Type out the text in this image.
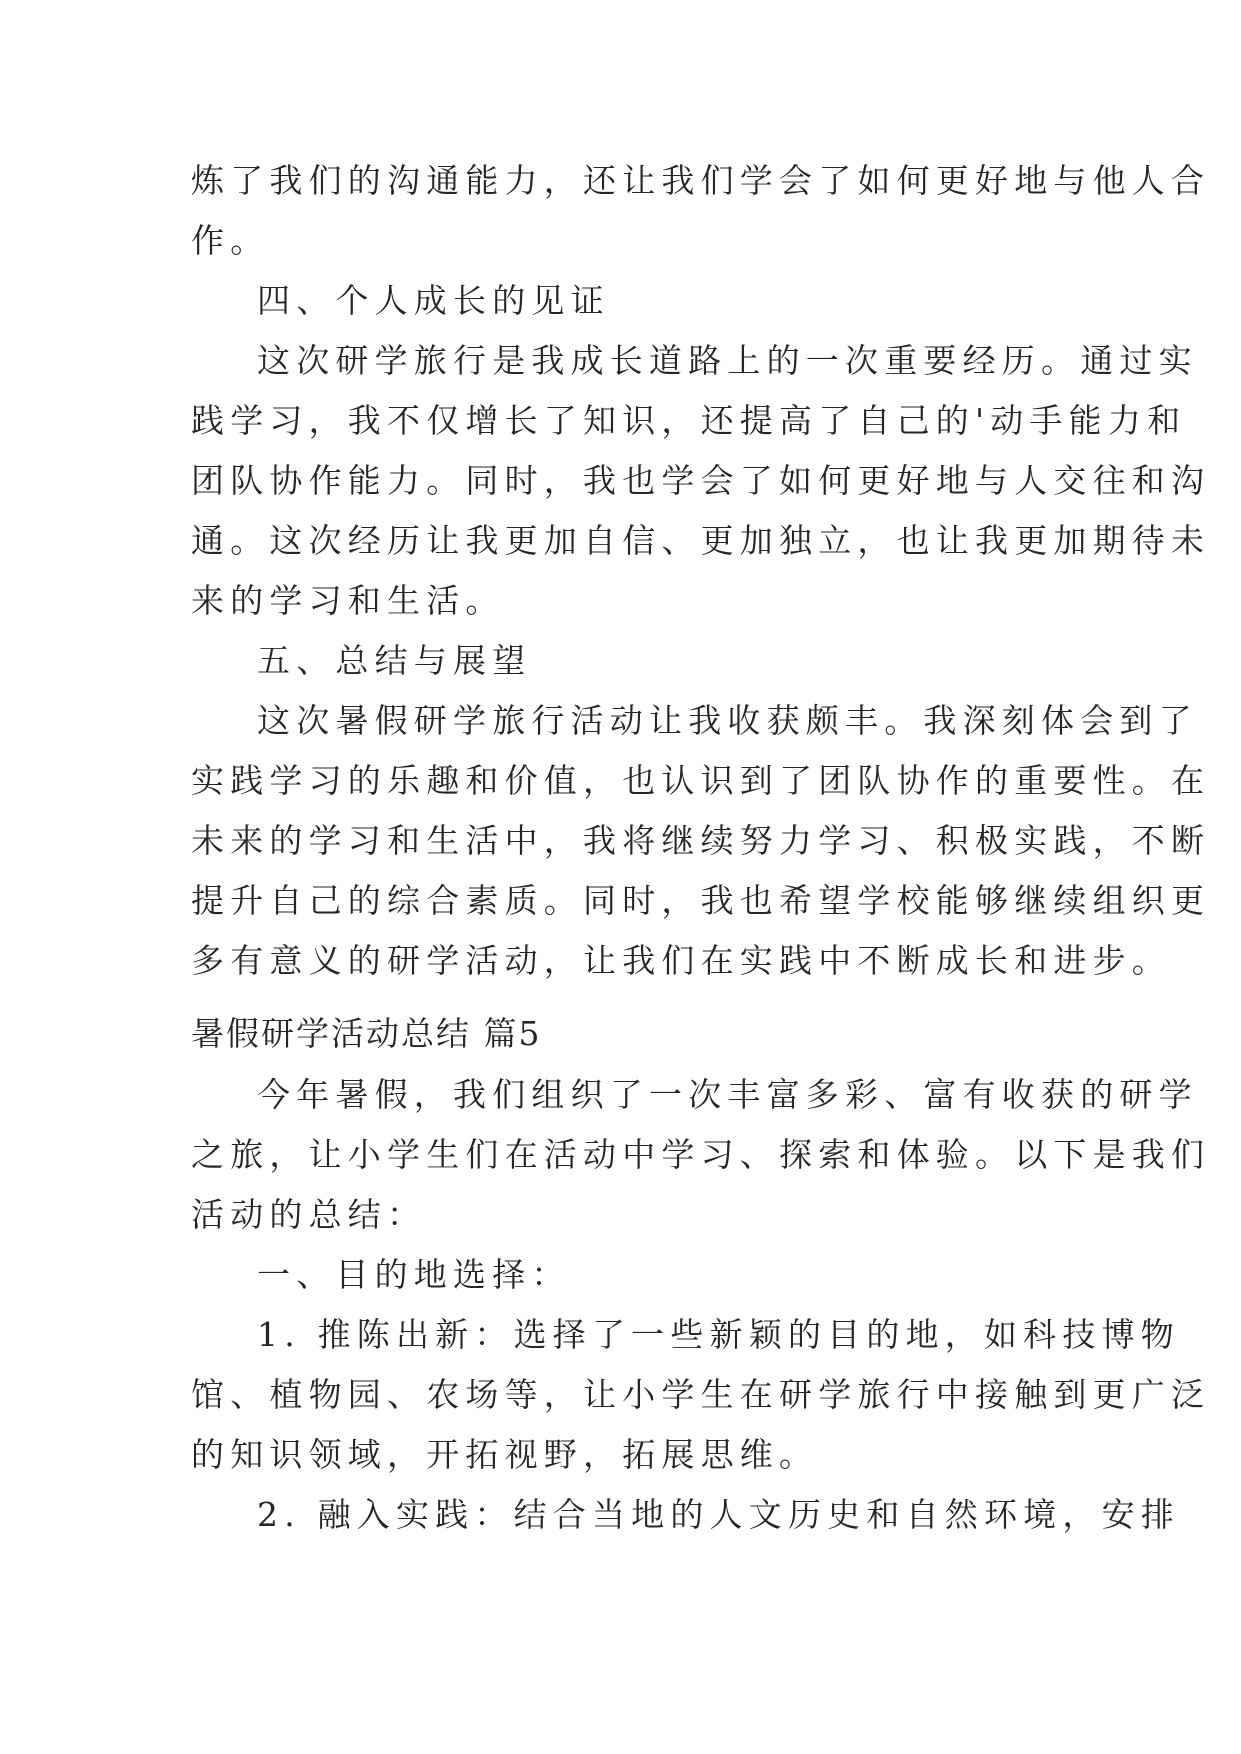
炼了我们的沟通能力，还让我们学会了如何更好地与他人合
作。
四、个人成长的见证
这次研学旅行是我成长道路上的一次重要经历。通过实
践学习，我不仅增长了知识，还提高了自己的'动手能力和
团队协作能力。同时，我也学会了如何更好地与人交往和沟
通。这次经历让我更加自信、更加独立，也让我更加期待未
来的学习和生活。
五、总结与展望
这次暑假研学旅行活动让我收获颇丰。我深刻体会到了
实践学习的乐趣和价值，也认识到了团队协作的重要性。在
未来的学习和生活中，我将继续努力学习、积极实践，不断
提升自己的综合素质。同时，我也希望学校能够继续组织更
多有意义的研学活动，让我们在实践中不断成长和进步。
暑假研学活动总结 篇5
今年暑假，我们组织了一次丰富多彩、富有收获的研学
之旅，让小学生们在活动中学习、探索和体验。以下是我们
活动的总结：
一、目的地选择：
1. 推陈出新：选择了一些新颖的目的地，如科技博物
馆、植物园、农场等，让小学生在研学旅行中接触到更广泛
的知识领域，开拓视野，拓展思维。
2. 融入实践：结合当地的人文历史和自然环境，安排
